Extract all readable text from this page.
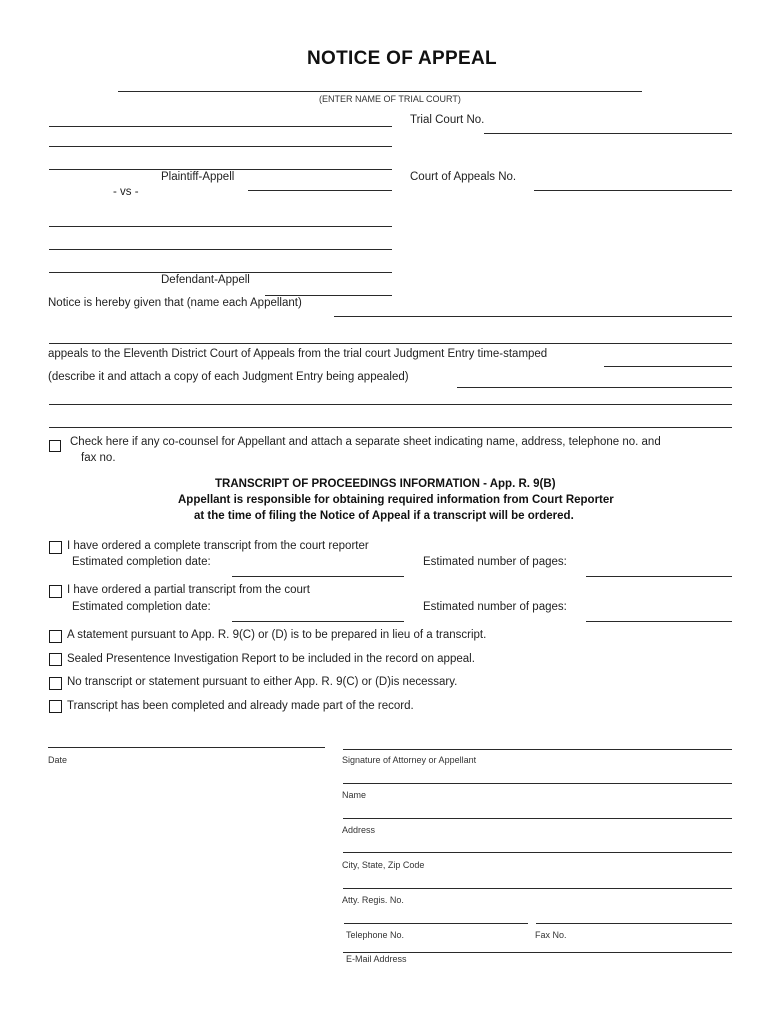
NOTICE OF APPEAL
(ENTER NAME OF TRIAL COURT)
Trial Court No.
Plaintiff-Appell
- vs -
Court of Appeals No.
Defendant-Appell
Notice is hereby given that (name each Appellant)
appeals to the Eleventh District Court of Appeals from the trial court Judgment Entry time-stamped
(describe it and attach a copy of each Judgment Entry being appealed)
Check here if any co-counsel for Appellant and attach a separate sheet indicating name, address, telephone no. and
fax no.
TRANSCRIPT OF PROCEEDINGS INFORMATION - App. R. 9(B)
Appellant is responsible for obtaining required information from Court Reporter
at the time of filing the Notice of Appeal if a transcript will be ordered.
I have ordered a complete transcript from the court reporter
Estimated completion date:	Estimated number of pages:
I have ordered a partial transcript from the court
Estimated completion date:	Estimated number of pages:
A statement pursuant to App. R. 9(C) or (D) is to be prepared in lieu of a transcript.
Sealed Presentence Investigation Report to be included in the record on appeal.
No transcript or statement pursuant to either App. R. 9(C) or (D)is necessary.
Transcript has been completed and already made part of the record.
Date	Signature of Attorney or Appellant
Name
Address
City, State, Zip Code
Atty. Regis. No.
Telephone No.	Fax No.
E-Mail Address
